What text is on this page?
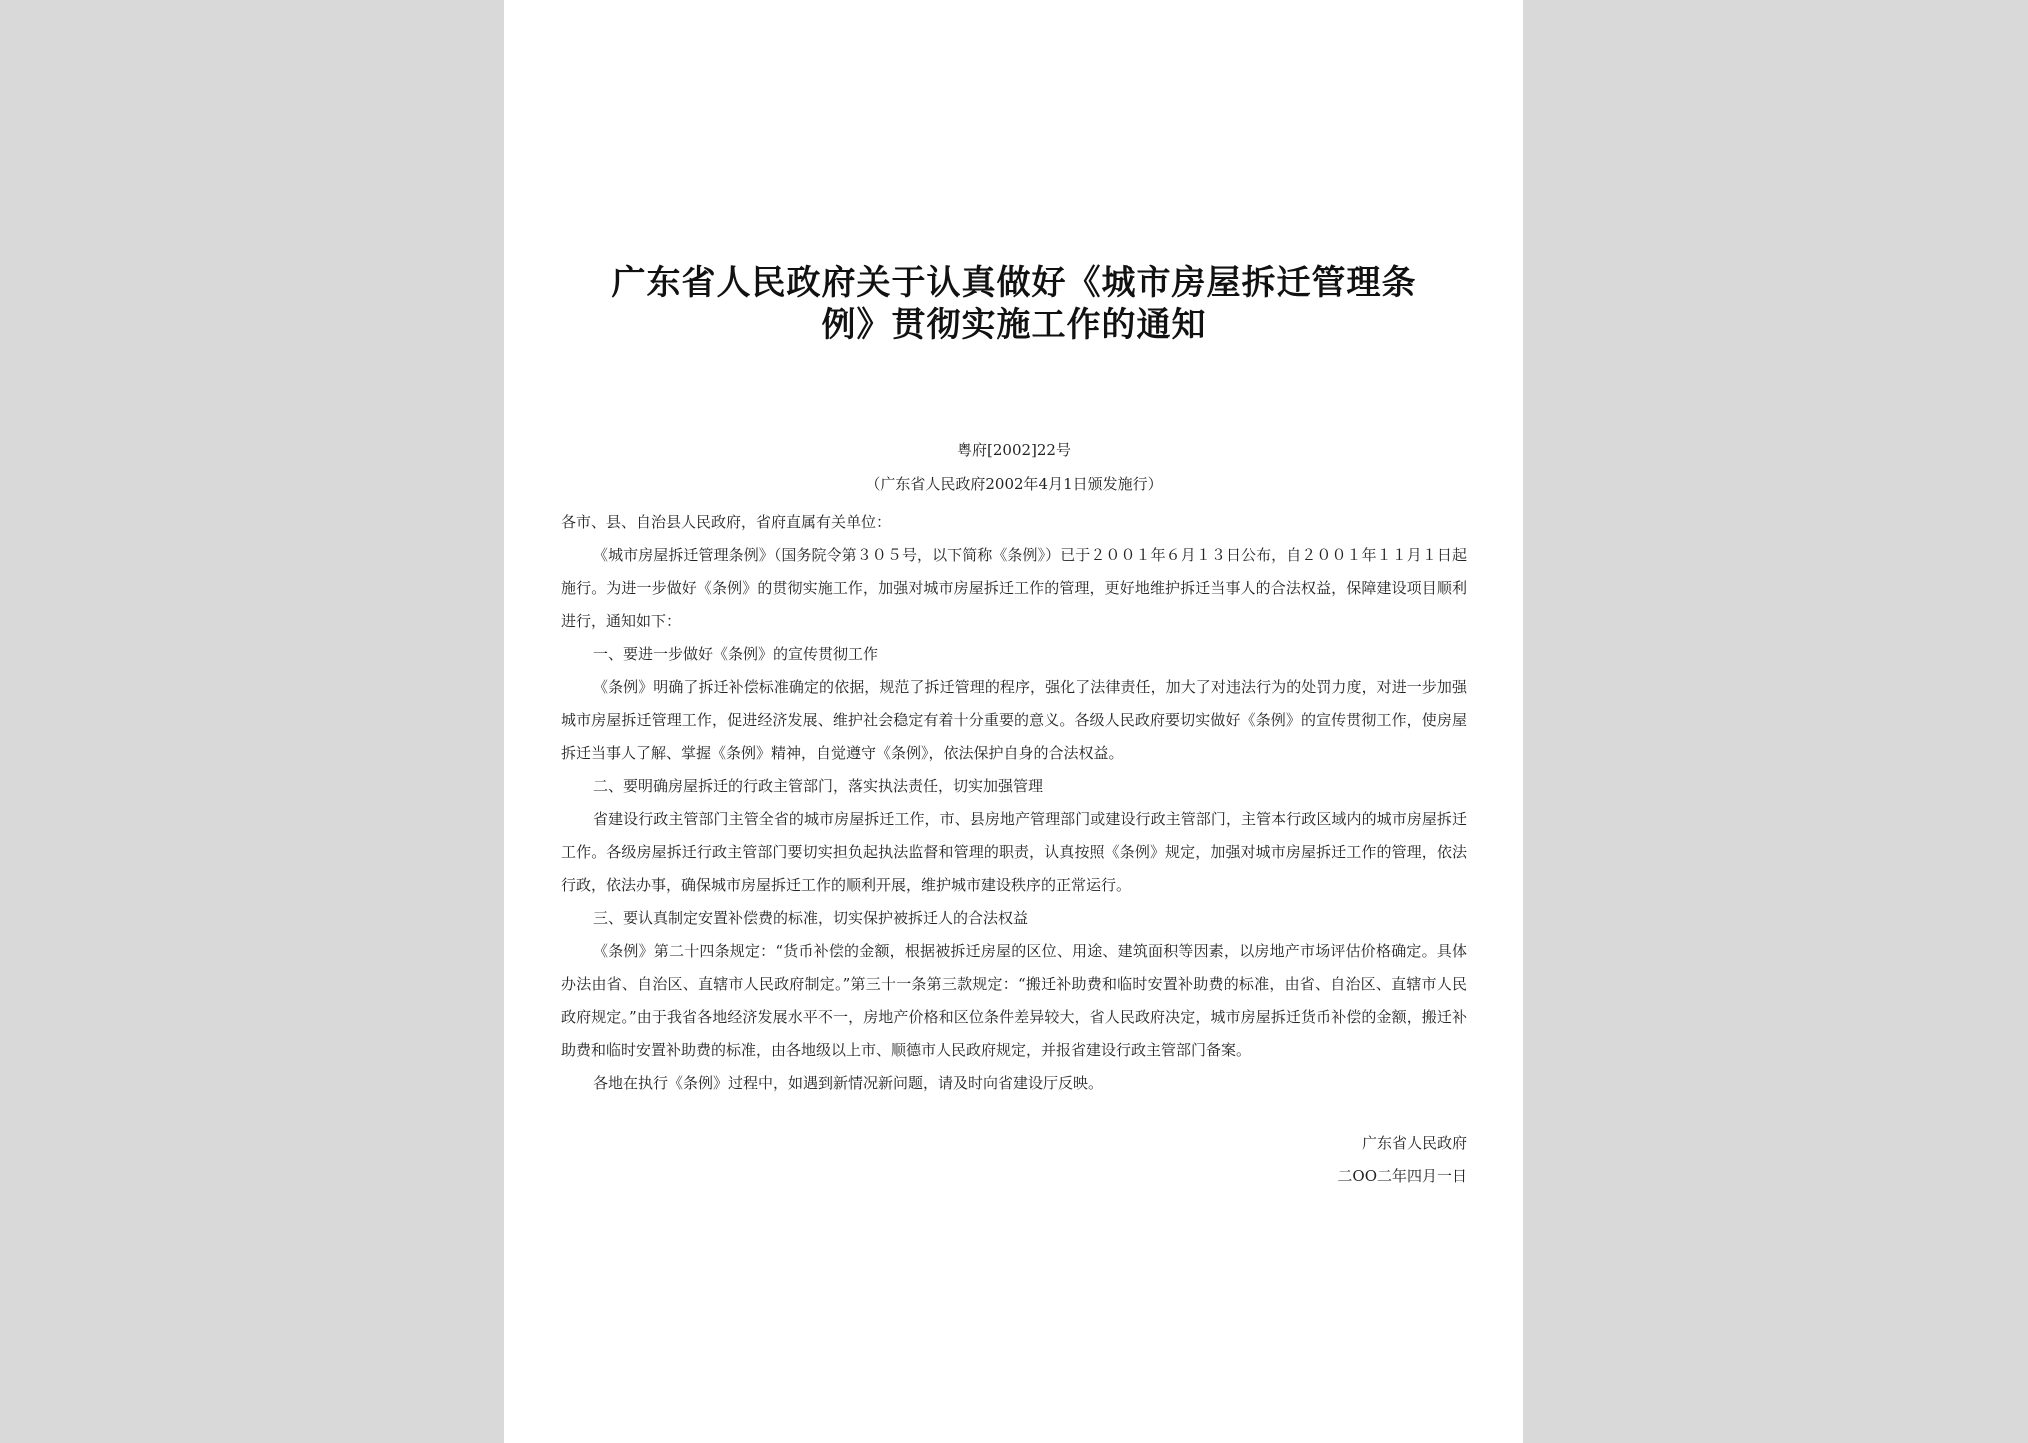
广东省人民政府关于认真做好《城市房屋拆迁管理条
例》贯彻实施工作的通知
粤府[2002]22号
（广东省人民政府2002年4月1日颁发施行）

各市、县、自治县人民政府，省府直属有关单位：

《城市房屋拆迁管理条例》（国务院令第３０５号，以下简称《条例》）已于２００１年６月１３日公布，自２００１年１１月１日起施行。为进一步做好《条例》的贯彻实施工作，加强对城市房屋拆迁工作的管理，更好地维护拆迁当事人的合法权益，保障建设项目顺利进行，通知如下：

一、要进一步做好《条例》的宣传贯彻工作

《条例》明确了拆迁补偿标准确定的依据，规范了拆迁管理的程序，强化了法律责任，加大了对违法行为的处罚力度，对进一步加强城市房屋拆迁管理工作，促进经济发展、维护社会稳定有着十分重要的意义。各级人民政府要切实做好《条例》的宣传贯彻工作，使房屋拆迁当事人了解、掌握《条例》精神，自觉遵守《条例》，依法保护自身的合法权益。

二、要明确房屋拆迁的行政主管部门，落实执法责任，切实加强管理

省建设行政主管部门主管全省的城市房屋拆迁工作，市、县房地产管理部门或建设行政主管部门，主管本行政区域内的城市房屋拆迁工作。各级房屋拆迁行政主管部门要切实担负起执法监督和管理的职责，认真按照《条例》规定，加强对城市房屋拆迁工作的管理，依法行政，依法办事，确保城市房屋拆迁工作的顺利开展，维护城市建设秩序的正常运行。

三、要认真制定安置补偿费的标准，切实保护被拆迁人的合法权益

《条例》第二十四条规定：“货币补偿的金额，根据被拆迁房屋的区位、用途、建筑面积等因素，以房地产市场评估价格确定。具体办法由省、自治区、直辖市人民政府制定。”第三十一条第三款规定：“搬迁补助费和临时安置补助费的标准，由省、自治区、直辖市人民政府规定。”由于我省各地经济发展水平不一，房地产价格和区位条件差异较大，省人民政府决定，城市房屋拆迁货币补偿的金额，搬迁补助费和临时安置补助费的标准，由各地级以上市、顺德市人民政府规定，并报省建设行政主管部门备案。

各地在执行《条例》过程中，如遇到新情况新问题，请及时向省建设厅反映。

广东省人民政府
二ΟΟ二年四月一日
